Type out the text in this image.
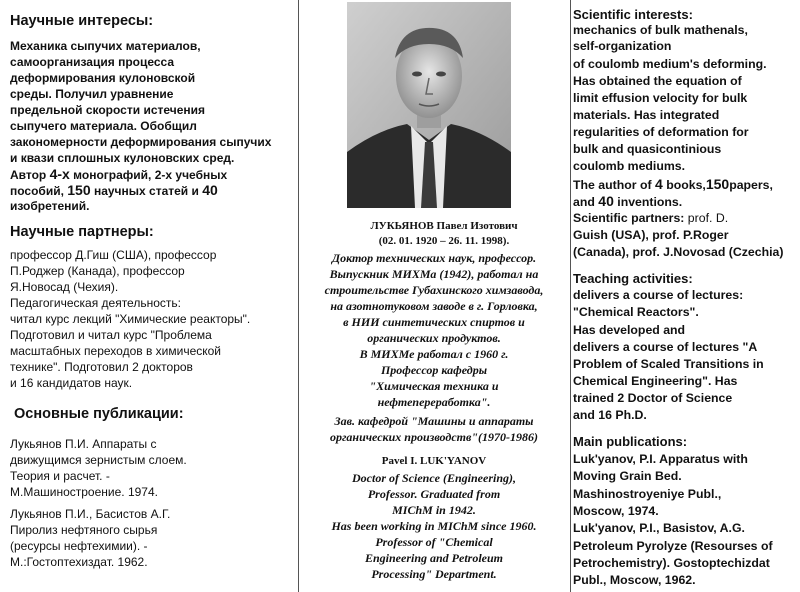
Научные интересы:
Механика сыпучих материалов,
самоорганизация процесса
деформирования кулоновской
среды. Получил уравнение
предельной скорости истечения
сыпучего материала. Обобщил
закономерности деформирования сыпучих
и квази сплошных кулоновских сред.
Автор 4-х монографий, 2-х учебных
пособий, 150 научных статей и 40
изобретений.
Научные партнеры:
профессор Д.Гиш (США), профессор
П.Роджер (Канада), профессор
Я.Новосад (Чехия).
Педагогическая деятельность:
читал курс лекций "Химические реакторы".
Подготовил и читал курс "Проблема
масштабных переходов в химической
технике". Подготовил 2 докторов
и 16 кандидатов наук.
Основные публикации:
Лукьянов П.И. Аппараты с
движущимся зернистым слоем.
Теория и расчет. -
М.Машиностроение. 1974.
Лукьянов П.И., Басистов А.Г.
Пиролиз нефтяного сырья
(ресурсы нефтехимии). -
М.:Гостоптехиздат. 1962.
ЛУКЬЯНОВ Павел Изотович
(02. 01. 1920 – 26. 11. 1998).
Доктор технических наук, профессор.
Выпускник МИХМа (1942), работал на
строительстве Губахинского химзавода,
на азотнотуковом заводе в г. Горловка,
в НИИ синтетических спиртов и
органических продуктов.
В МИХМе работал с 1960 г.
Профессор кафедры
"Химическая техника и
нефтепереработка".
Зав. кафедрой "Машины и аппараты
органических производств"(1970-1986)
Pavel I. LUK'YANOV
Doctor of Science (Engineering),
Professor. Graduated from
MIChM in 1942.
Has been working in MIChM since 1960.
Professor of "Chemical
Engineering and Petroleum
Processing" Department.
Scientific interests:
mechanics of bulk mathenals,
self-organization
of coulomb medium's deforming.
Has obtained the equation of
limit effusion velocity for bulk
materials. Has integrated
regularities of deformation for
bulk and quasicontinious
coulomb mediums.
The author of 4 books,150papers,
and 40 inventions.
Scientific partners: prof. D.
Guish (USA), prof. P.Roger
(Canada), prof. J.Novosad (Czechia)
Teaching activities:
delivers a course of lectures:
"Chemical Reactors".
Has developed and
delivers a course of lectures "A
Problem of Scaled Transitions in
Chemical Engineering". Has
trained 2 Doctor of Science
and 16 Ph.D.
Main publications:
Luk'yanov, P.I. Apparatus with
Moving Grain Bed.
Mashinostroyeniye Publ.,
Moscow, 1974.
Luk'yanov, P.I., Basistov, A.G.
Petroleum Pyrolyze (Resourses of
Petrochemistry). Gostoptechizdat
Publ., Moscow, 1962.
